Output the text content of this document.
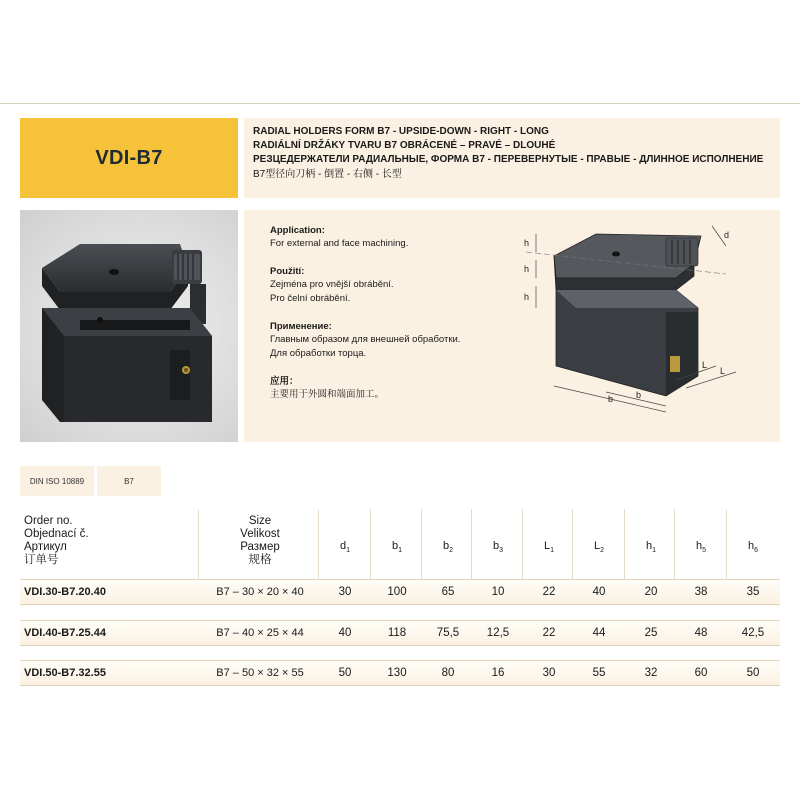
VDI-B7
RADIAL HOLDERS FORM B7 - UPSIDE-DOWN - RIGHT - LONG
RADIÁLNÍ DRŽÁKY TVARU B7 OBRÁCENÉ – PRAVÉ – DLOUHÉ
РЕЗЦЕДЕРЖАТЕЛИ РАДИАЛЬНЫЕ, ФОРМА B7 - ПЕРЕВЕРНУТЫЕ - ПРАВЫЕ - ДЛИННОЕ ИСПОЛНЕНИЕ
B7型径向刀柄 - 倒置 - 右侧 - 长型
Application:
For external and face machining.
Použití:
Zejména pro vnější obrábění.
Pro čelní obrábění.
Применение:
Главным образом для внешней обработки.
Для обработки торца.
应用：
主要用于外圆和端面加工。
h
h
h
b	b
L
L
d
DIN ISO 10889	B7
Order no.
Objednací č.
Артикул
订单号
Size
Velikost
Размер
规格
$d_1$	$b_1$	$b_2$	$b_3$	$L_1$	$L_2$	$h_1$	$h_5$	$h_6$
VDI.30-B7.20.40	B7 – 30 × 20 × 40	30	100	65	10	22	40	20	38	35
VDI.40-B7.25.44	B7 – 40 × 25 × 44	40	118	75,5	12,5	22	44	25	48	42,5
VDI.50-B7.32.55	B7 – 50 × 32 × 55	50	130	80	16	30	55	32	60	50
